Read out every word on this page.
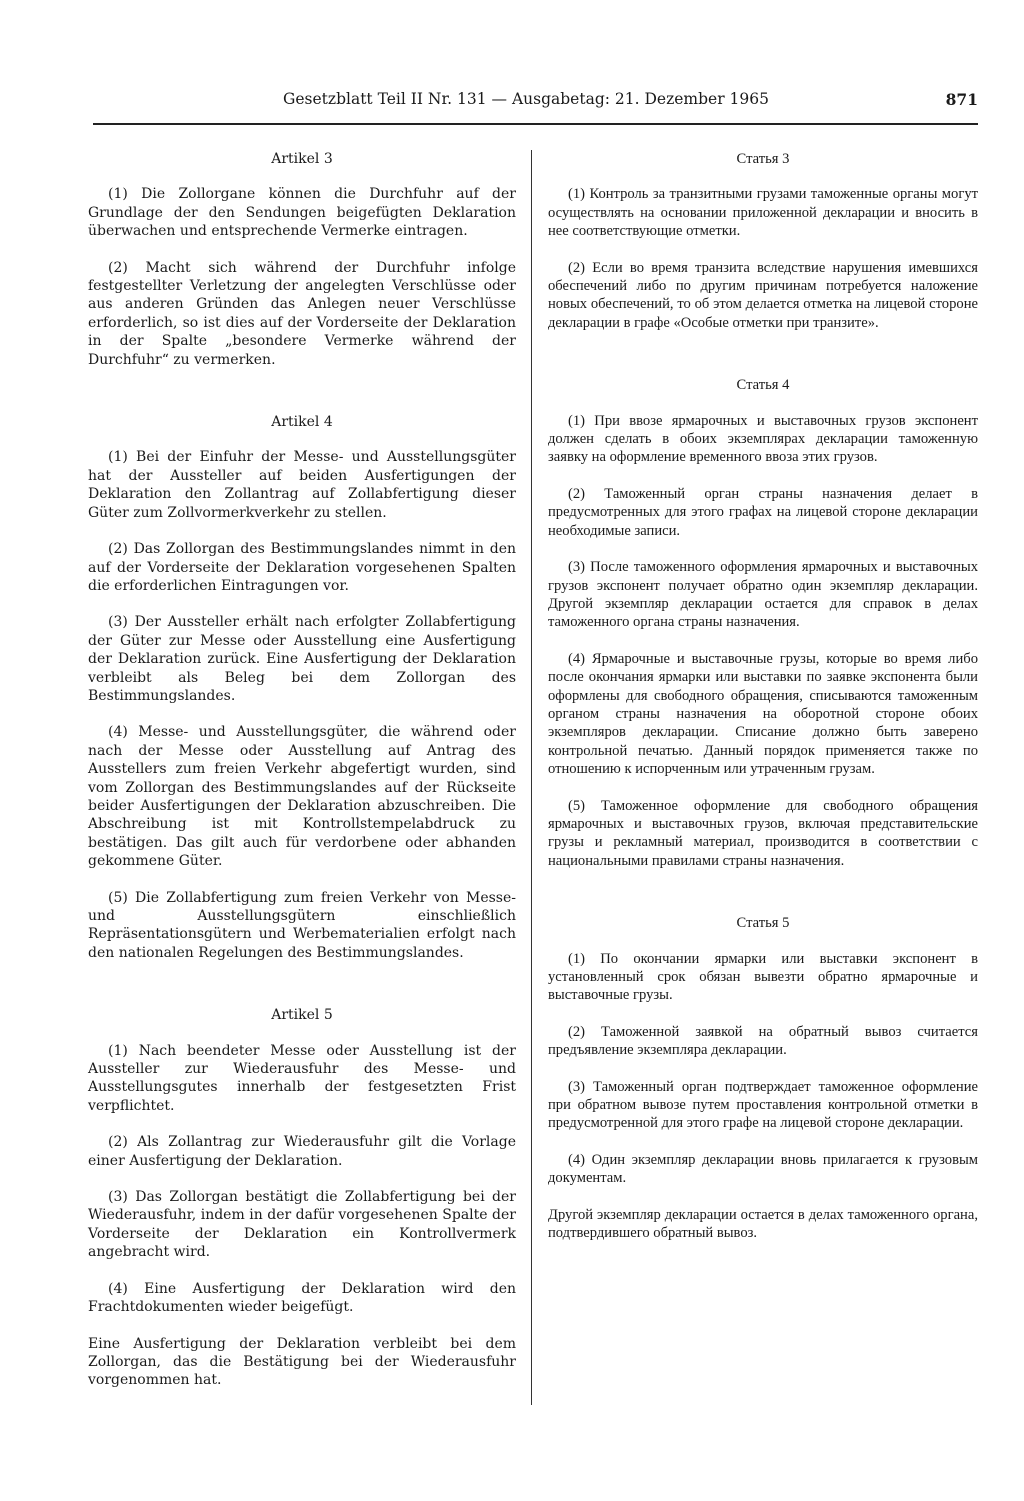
Gesetzblatt Teil II Nr. 131 — Ausgabetag: 21. Dezember 1965	871
Artikel 3

(1) Die Zollorgane können die Durchfuhr auf der Grundlage der den Sendungen beigefügten Deklaration überwachen und entsprechende Vermerke eintragen.

(2) Macht sich während der Durchfuhr infolge festgestellter Verletzung der angelegten Verschlüsse oder aus anderen Gründen das Anlegen neuer Verschlüsse erforderlich, so ist dies auf der Vorderseite der Deklaration in der Spalte „besondere Vermerke während der Durchfuhr“ zu vermerken.

Artikel 4

(1) Bei der Einfuhr der Messe- und Ausstellungsgüter hat der Aussteller auf beiden Ausfertigungen der Deklaration den Zollantrag auf Zollabfertigung dieser Güter zum Zollvormerkverkehr zu stellen.

(2) Das Zollorgan des Bestimmungslandes nimmt in den auf der Vorderseite der Deklaration vorgesehenen Spalten die erforderlichen Eintragungen vor.

(3) Der Aussteller erhält nach erfolgter Zollabfertigung der Güter zur Messe oder Ausstellung eine Ausfertigung der Deklaration zurück. Eine Ausfertigung der Deklaration verbleibt als Beleg bei dem Zollorgan des Bestimmungslandes.

(4) Messe- und Ausstellungsgüter, die während oder nach der Messe oder Ausstellung auf Antrag des Ausstellers zum freien Verkehr abgefertigt wurden, sind vom Zollorgan des Bestimmungslandes auf der Rückseite beider Ausfertigungen der Deklaration abzuschreiben. Die Abschreibung ist mit Kontrollstempelabdruck zu bestätigen. Das gilt auch für verdorbene oder abhanden gekommene Güter.

(5) Die Zollabfertigung zum freien Verkehr von Messe- und Ausstellungsgütern einschließlich Repräsentationsgütern und Werbematerialien erfolgt nach den nationalen Regelungen des Bestimmungslandes.

Artikel 5

(1) Nach beendeter Messe oder Ausstellung ist der Aussteller zur Wiederausfuhr des Messe- und Ausstellungsgutes innerhalb der festgesetzten Frist verpflichtet.

(2) Als Zollantrag zur Wiederausfuhr gilt die Vorlage einer Ausfertigung der Deklaration.

(3) Das Zollorgan bestätigt die Zollabfertigung bei der Wiederausfuhr, indem in der dafür vorgesehenen Spalte der Vorderseite der Deklaration ein Kontrollvermerk angebracht wird.

(4) Eine Ausfertigung der Deklaration wird den Frachtdokumenten wieder beigefügt.

Eine Ausfertigung der Deklaration verbleibt bei dem Zollorgan, das die Bestätigung bei der Wiederausfuhr vorgenommen hat.

Статья 3

(1) Контроль за транзитными грузами таможенные органы могут осуществлять на основании приложенной декларации и вносить в нее соответствующие отметки.

(2) Если во время транзита вследствие нарушения имевшихся обеспечений либо по другим причинам потребуется наложение новых обеспечений, то об этом делается отметка на лицевой стороне декларации в графе «Особые отметки при транзите».

Статья 4

(1) При ввозе ярмарочных и выставочных грузов экспонент должен сделать в обоих экземплярах декларации таможенную заявку на оформление временного ввоза этих грузов.

(2) Таможенный орган страны назначения делает в предусмотренных для этого графах на лицевой стороне декларации необходимые записи.

(3) После таможенного оформления ярмарочных и выставочных грузов экспонент получает обратно один экземпляр декларации. Другой экземпляр декларации остается для справок в делах таможенного органа страны назначения.

(4) Ярмарочные и выставочные грузы, которые во время либо после окончания ярмарки или выставки по заявке экспонента были оформлены для свободного обращения, списываются таможенным органом страны назначения на оборотной стороне обоих экземпляров декларации. Списание должно быть заверено контрольной печатью. Данный порядок применяется также по отношению к испорченным или утраченным грузам.

(5) Таможенное оформление для свободного обращения ярмарочных и выставочных грузов, включая представительские грузы и рекламный материал, производится в соответствии с национальными правилами страны назначения.

Статья 5

(1) По окончании ярмарки или выставки экспонент в установленный срок обязан вывезти обратно ярмарочные и выставочные грузы.

(2) Таможенной заявкой на обратный вывоз считается предъявление экземпляра декларации.

(3) Таможенный орган подтверждает таможенное оформление при обратном вывозе путем проставления контрольной отметки в предусмотренной для этого графе на лицевой стороне декларации.

(4) Один экземпляр декларации вновь прилагается к грузовым документам.

Другой экземпляр декларации остается в делах таможенного органа, подтвердившего обратный вывоз.
